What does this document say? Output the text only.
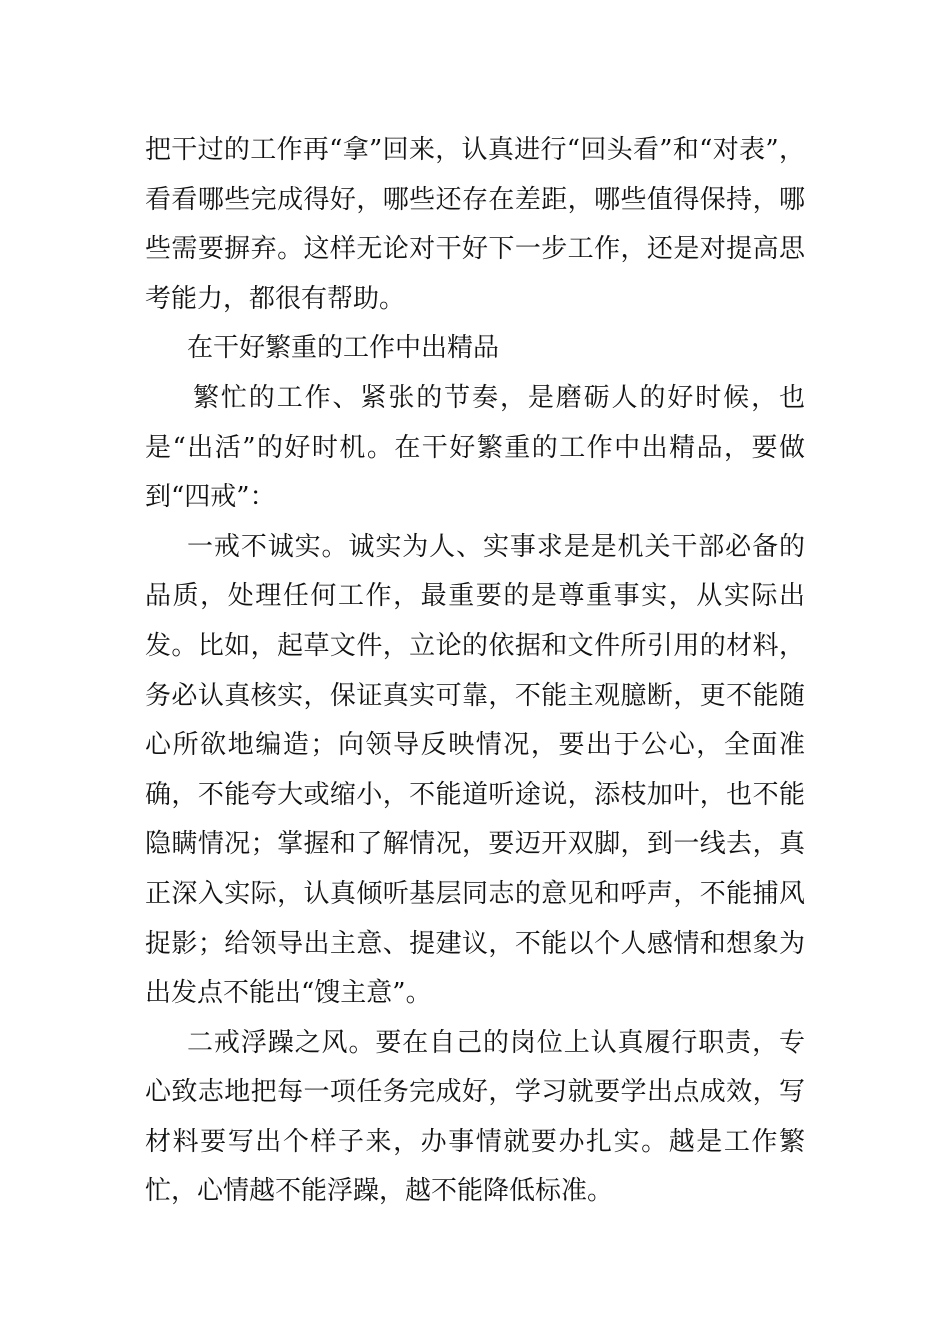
把干过的工作再“拿”回来，认真进行“回头看”和“对表”，看看哪些完成得好，哪些还存在差距，哪些值得保持，哪些需要摒弃。这样无论对干好下一步工作，还是对提高思考能力，都很有帮助。

在干好繁重的工作中出精品

繁忙的工作、紧张的节奏，是磨砺人的好时候，也是“出活”的好时机。在干好繁重的工作中出精品，要做到“四戒”：

一戒不诚实。诚实为人、实事求是是机关干部必备的品质，处理任何工作，最重要的是尊重事实，从实际出发。比如，起草文件，立论的依据和文件所引用的材料，务必认真核实，保证真实可靠，不能主观臆断，更不能随心所欲地编造；向领导反映情况，要出于公心，全面准确，不能夸大或缩小，不能道听途说，添枝加叶，也不能隐瞒情况；掌握和了解情况，要迈开双脚，到一线去，真正深入实际，认真倾听基层同志的意见和呼声，不能捕风捉影；给领导出主意、提建议，不能以个人感情和想象为出发点不能出“馊主意”。

二戒浮躁之风。要在自己的岗位上认真履行职责，专心致志地把每一项任务完成好，学习就要学出点成效，写材料要写出个样子来，办事情就要办扎实。越是工作繁忙，心情越不能浮躁，越不能降低标准。
